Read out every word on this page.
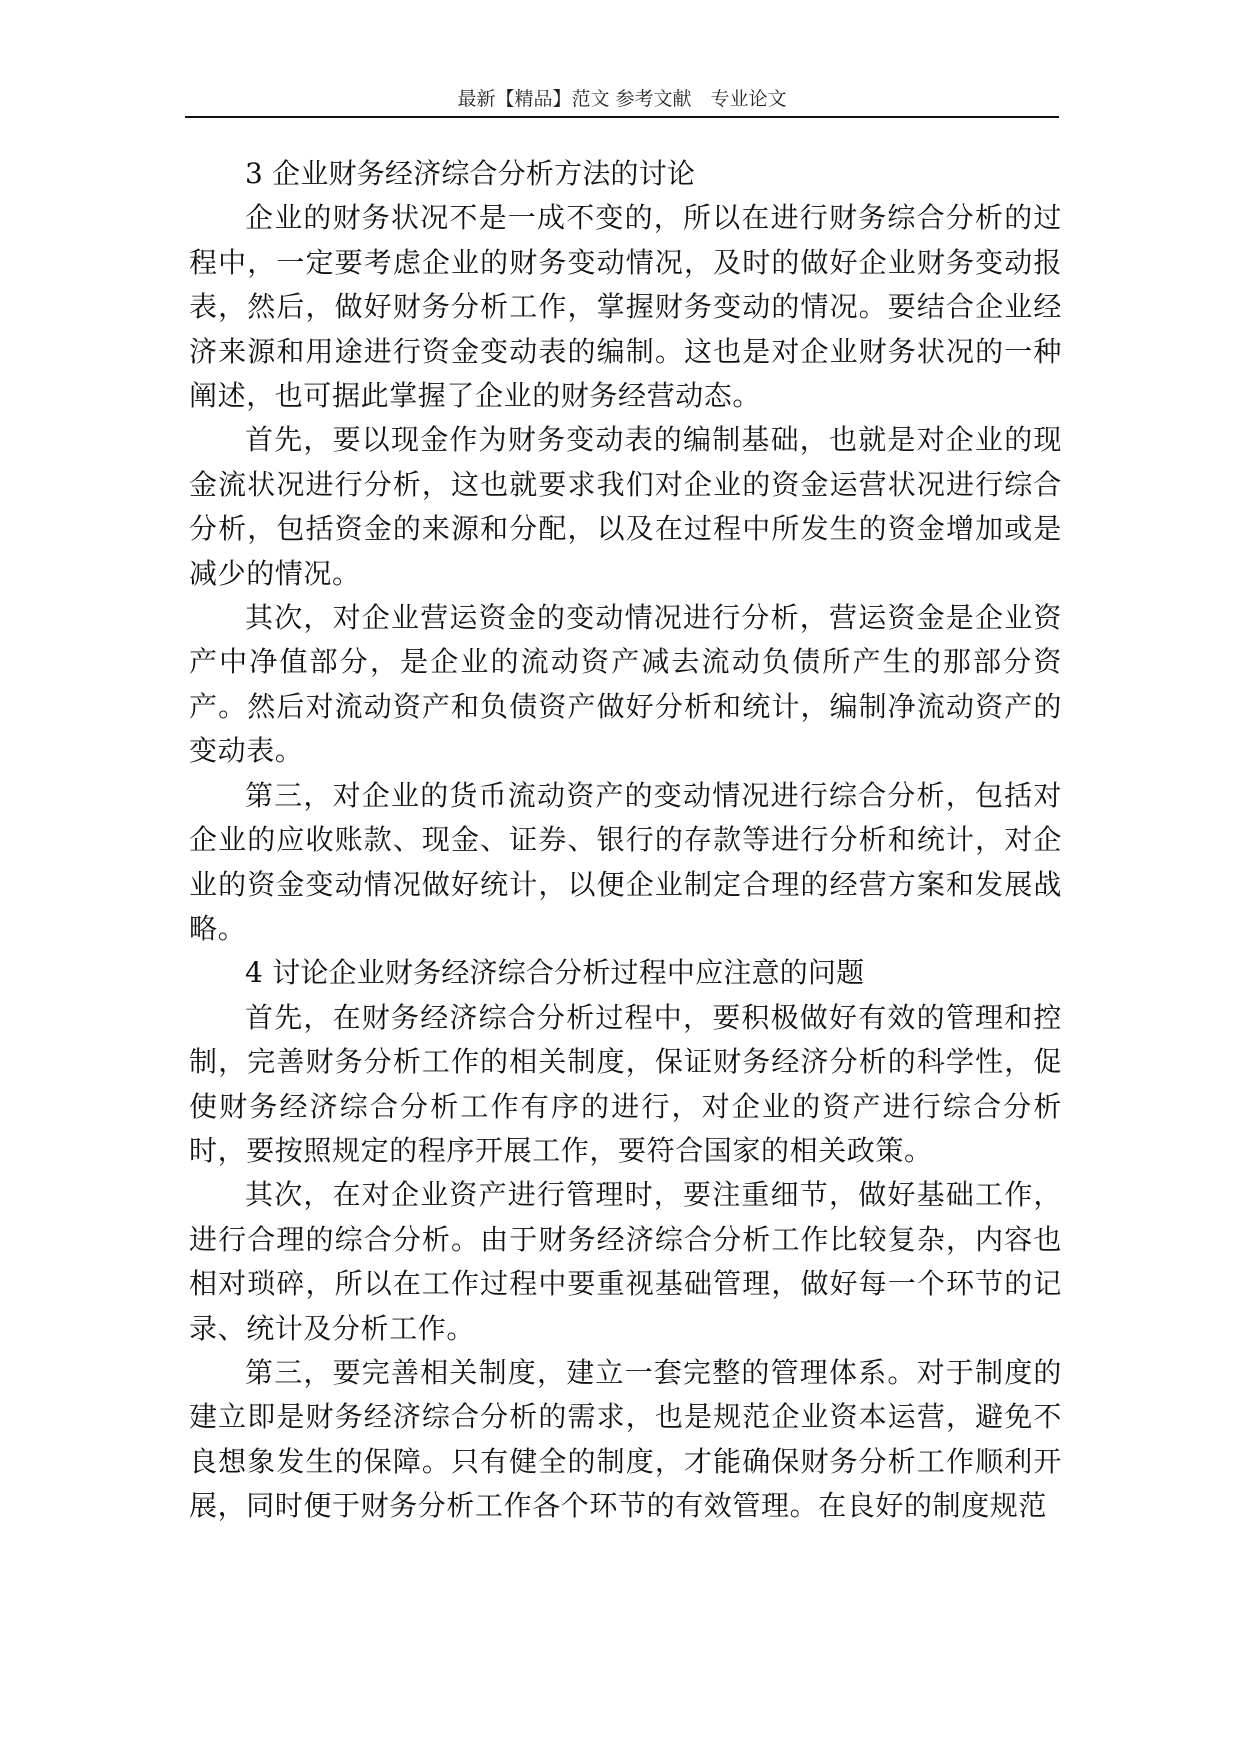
最新【精品】范文 参考文献　专业论文

3 企业财务经济综合分析方法的讨论

企业的财务状况不是一成不变的，所以在进行财务综合分析的过程中，一定要考虑企业的财务变动情况，及时的做好企业财务变动报表，然后，做好财务分析工作，掌握财务变动的情况。要结合企业经济来源和用途进行资金变动表的编制。这也是对企业财务状况的一种阐述，也可据此掌握了企业的财务经营动态。

首先，要以现金作为财务变动表的编制基础，也就是对企业的现金流状况进行分析，这也就要求我们对企业的资金运营状况进行综合分析，包括资金的来源和分配，以及在过程中所发生的资金增加或是减少的情况。

其次，对企业营运资金的变动情况进行分析，营运资金是企业资产中净值部分，是企业的流动资产减去流动负债所产生的那部分资产。然后对流动资产和负债资产做好分析和统计，编制净流动资产的变动表。

第三，对企业的货币流动资产的变动情况进行综合分析，包括对企业的应收账款、现金、证券、银行的存款等进行分析和统计，对企业的资金变动情况做好统计，以便企业制定合理的经营方案和发展战略。

4 讨论企业财务经济综合分析过程中应注意的问题

首先，在财务经济综合分析过程中，要积极做好有效的管理和控制，完善财务分析工作的相关制度，保证财务经济分析的科学性，促使财务经济综合分析工作有序的进行，对企业的资产进行综合分析时，要按照规定的程序开展工作，要符合国家的相关政策。

其次，在对企业资产进行管理时，要注重细节，做好基础工作，进行合理的综合分析。由于财务经济综合分析工作比较复杂，内容也相对琐碎，所以在工作过程中要重视基础管理，做好每一个环节的记录、统计及分析工作。

第三，要完善相关制度，建立一套完整的管理体系。对于制度的建立即是财务经济综合分析的需求，也是规范企业资本运营，避免不良想象发生的保障。只有健全的制度，才能确保财务分析工作顺利开展，同时便于财务分析工作各个环节的有效管理。在良好的制度规范
